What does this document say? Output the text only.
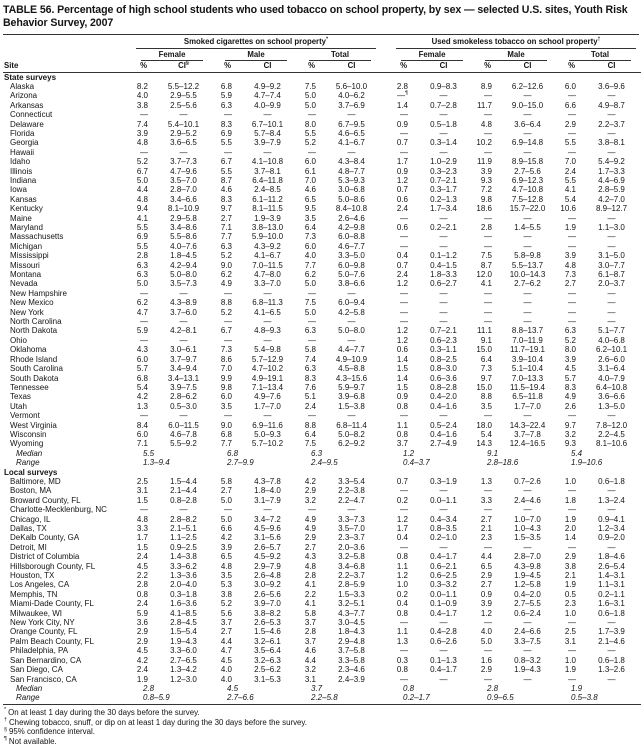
TABLE 56. Percentage of high school students who used tobacco on school property, by sex — selected U.S. sites, Youth Risk Behavior Survey, 2007

	Smoked cigarettes on school property*							Used smokeless tobacco on school property†

	Female		Male		Total			Female		Male		Total	

Site	%	CI§	%	CI	%	CI		%	CI	%	CI	%	CI
State surveys													
Alaska	8.2	5.5–12.2	6.8	4.9–9.2	7.5	5.6–10.0		2.8	0.9–8.3	8.9	6.2–12.6	6.0	3.6–9.6
Arizona	4.0	2.9–5.5	5.9	4.7–7.4	5.0	4.0–6.2		—¶	—	—	—	—	—
Arkansas	3.8	2.5–5.6	6.3	4.0–9.9	5.0	3.7–6.9		1.4	0.7–2.8	11.7	9.0–15.0	6.6	4.9–8.7
Connecticut	—	—	—	—	—	—		—	—	—	—	—	—
Delaware	7.4	5.4–10.1	8.3	6.7–10.1	8.0	6.7–9.5		0.9	0.5–1.8	4.8	3.6–6.4	2.9	2.2–3.7
Florida	3.9	2.9–5.2	6.9	5.7–8.4	5.5	4.6–6.5		—	—	—	—	—	—
Georgia	4.8	3.6–6.5	5.5	3.9–7.9	5.2	4.1–6.7		0.7	0.3–1.4	10.2	6.9–14.8	5.5	3.8–8.1
Hawaii	—	—	—	—	—	—		—	—	—	—	—	—
Idaho	5.2	3.7–7.3	6.7	4.1–10.8	6.0	4.3–8.4		1.7	1.0–2.9	11.9	8.9–15.8	7.0	5.4–9.2
Illinois	6.7	4.7–9.6	5.5	3.7–8.1	6.1	4.8–7.7		0.9	0.3–2.3	3.9	2.7–5.6	2.4	1.7–3.3
Indiana	5.0	3.5–7.0	8.7	6.4–11.8	7.0	5.3–9.3		1.2	0.7–2.1	9.3	6.9–12.3	5.5	4.4–6.9
Iowa	4.4	2.8–7.0	4.6	2.4–8.5	4.6	3.0–6.8		0.7	0.3–1.7	7.2	4.7–10.8	4.1	2.8–5.9
Kansas	4.8	3.4–6.6	8.3	6.1–11.2	6.5	5.0–8.6		0.6	0.2–1.3	9.8	7.5–12.8	5.4	4.2–7.0
Kentucky	9.4	8.1–10.9	9.7	8.1–11.5	9.5	8.4–10.8		2.4	1.7–3.4	18.6	15.7–22.0	10.6	8.9–12.7
Maine	4.1	2.9–5.8	2.7	1.9–3.9	3.5	2.6–4.6		—	—	—	—	—	—
Maryland	5.5	3.4–8.6	7.1	3.8–13.0	6.4	4.2–9.8		0.6	0.2–2.1	2.8	1.4–5.5	1.9	1.1–3.0
Massachusetts	6.9	5.5–8.6	7.7	5.9–10.0	7.3	6.0–8.8		—	—	—	—	—	—
Michigan	5.5	4.0–7.6	6.3	4.3–9.2	6.0	4.6–7.7		—	—	—	—	—	—
Mississippi	2.8	1.8–4.5	5.2	4.1–6.7	4.0	3.3–5.0		0.4	0.1–1.2	7.5	5.8–9.8	3.9	3.1–5.0
Missouri	6.3	4.2–9.4	9.0	7.0–11.5	7.7	6.0–9.8		0.7	0.4–1.5	8.7	5.5–13.7	4.8	3.0–7.7
Montana	6.3	5.0–8.0	6.2	4.7–8.0	6.2	5.0–7.6		2.4	1.8–3.3	12.0	10.0–14.3	7.3	6.1–8.7
Nevada	5.0	3.5–7.3	4.9	3.3–7.0	5.0	3.8–6.6		1.2	0.6–2.7	4.1	2.7–6.2	2.7	2.0–3.7
New Hampshire	—	—	—	—	—	—		—	—	—	—	—	—
New Mexico	6.2	4.3–8.9	8.8	6.8–11.3	7.5	6.0–9.4		—	—	—	—	—	—
New York	4.7	3.7–6.0	5.2	4.1–6.5	5.0	4.2–5.8		—	—	—	—	—	—
North Carolina	—	—	—	—	—	—		—	—	—	—	—	—
North Dakota	5.9	4.2–8.1	6.7	4.8–9.3	6.3	5.0–8.0		1.2	0.7–2.1	11.1	8.8–13.7	6.3	5.1–7.7
Ohio	—	—	—	—	—	—		1.2	0.6–2.3	9.1	7.0–11.9	5.2	4.0–6.8
Oklahoma	4.3	3.0–6.1	7.3	5.4–9.8	5.8	4.4–7.7		0.6	0.3–1.1	15.0	11.7–19.1	8.0	6.2–10.1
Rhode Island	6.0	3.7–9.7	8.6	5.7–12.9	7.4	4.9–10.9		1.4	0.8–2.5	6.4	3.9–10.4	3.9	2.6–6.0
South Carolina	5.7	3.4–9.4	7.0	4.7–10.2	6.3	4.5–8.8		1.5	0.8–3.0	7.3	5.1–10.4	4.5	3.1–6.4
South Dakota	6.8	3.4–13.1	9.9	4.9–19.1	8.3	4.3–15.6		1.4	0.6–3.6	9.7	7.0–13.3	5.7	4.0–7.9
Tennessee	5.4	3.9–7.5	9.8	7.1–13.4	7.6	5.9–9.7		1.5	0.8–2.8	15.0	11.5–19.4	8.3	6.4–10.8
Texas	4.2	2.8–6.2	6.0	4.9–7.6	5.1	3.9–6.8		0.9	0.4–2.0	8.8	6.5–11.8	4.9	3.6–6.6
Utah	1.3	0.5–3.0	3.5	1.7–7.0	2.4	1.5–3.8		0.8	0.4–1.6	3.5	1.7–7.0	2.6	1.3–5.0
Vermont	—	—	—	—	—	—		—	—	—	—	—	—
West Virginia	8.4	6.0–11.5	9.0	6.9–11.6	8.8	6.8–11.4		1.1	0.5–2.4	18.0	14.3–22.4	9.7	7.8–12.0
Wisconsin	6.0	4.6–7.8	6.8	5.0–9.3	6.4	5.0–8.2		0.8	0.4–1.6	5.4	3.7–7.8	3.2	2.2–4.5
Wyoming	7.1	5.5–9.2	7.7	5.7–10.2	7.5	6.2–9.2		3.7	2.7–4.9	14.3	12.4–16.5	9.3	8.1–10.6
Median	5.5		6.8		6.3			1.2		9.1		5.4	
Range	1.3–9.4		2.7–9.9		2.4–9.5			0.4–3.7		2.8–18.6		1.9–10.6	
Local surveys													
Baltimore, MD	2.5	1.5–4.4	5.8	4.3–7.8	4.2	3.3–5.4		0.7	0.3–1.9	1.3	0.7–2.6	1.0	0.6–1.8
Boston, MA	3.1	2.1–4.4	2.7	1.8–4.0	2.9	2.2–3.8		—	—	—	—	—	—
Broward County, FL	1.5	0.8–2.8	5.0	3.1–7.9	3.2	2.2–4.7		0.2	0.0–1.1	3.3	2.4–4.6	1.8	1.3–2.4
Charlotte-Mecklenburg, NC	—	—	—	—	—	—		—	—	—	—	—	—
Chicago, IL	4.8	2.8–8.2	5.0	3.4–7.2	4.9	3.3–7.3		1.2	0.4–3.4	2.7	1.0–7.0	1.9	0.9–4.1
Dallas, TX	3.3	2.1–5.1	6.6	4.5–9.6	4.9	3.5–7.0		1.7	0.8–3.5	2.1	1.0–4.3	2.0	1.2–3.4
DeKalb County, GA	1.7	1.1–2.5	4.2	3.1–5.6	2.9	2.3–3.7		0.4	0.2–1.0	2.3	1.5–3.5	1.4	0.9–2.0
Detroit, MI	1.5	0.9–2.5	3.9	2.6–5.7	2.7	2.0–3.6		—	—	—	—	—	—
District of Columbia	2.4	1.4–3.8	6.5	4.5–9.2	4.3	3.2–5.8		0.8	0.4–1.7	4.4	2.8–7.0	2.9	1.8–4.6
Hillsborough County, FL	4.5	3.3–6.2	4.8	2.9–7.9	4.8	3.4–6.8		1.1	0.6–2.1	6.5	4.3–9.8	3.8	2.6–5.4
Houston, TX	2.2	1.3–3.6	3.5	2.6–4.8	2.8	2.2–3.7		1.2	0.6–2.5	2.9	1.9–4.5	2.1	1.4–3.1
Los Angeles, CA	2.8	2.0–4.0	5.3	3.0–9.2	4.1	2.8–5.9		1.0	0.3–3.2	2.7	1.2–5.8	1.9	1.1–3.1
Memphis, TN	0.8	0.3–1.8	3.8	2.6–5.6	2.2	1.5–3.3		0.2	0.0–1.1	0.9	0.4–2.0	0.5	0.2–1.1
Miami-Dade County, FL	2.4	1.6–3.6	5.2	3.9–7.0	4.1	3.2–5.1		0.4	0.1–0.9	3.9	2.7–5.5	2.3	1.6–3.1
Milwaukee, WI	5.9	4.1–8.5	5.6	3.8–8.2	5.8	4.3–7.7		0.8	0.4–1.7	1.2	0.6–2.4	1.0	0.6–1.8
New York City, NY	3.6	2.8–4.5	3.7	2.6–5.3	3.7	3.0–4.5		—	—	—	—	—	—
Orange County, FL	2.9	1.5–5.4	2.7	1.5–4.6	2.8	1.8–4.3		1.1	0.4–2.8	4.0	2.4–6.6	2.5	1.7–3.9
Palm Beach County, FL	2.9	1.9–4.3	4.4	3.2–6.1	3.7	2.9–4.8		1.3	0.6–2.6	5.0	3.3–7.5	3.1	2.1–4.6
Philadelphia, PA	4.5	3.3–6.0	4.7	3.5–6.4	4.6	3.7–5.8		—	—	—	—	—	—
San Bernardino, CA	4.2	2.7–6.5	4.5	3.2–6.3	4.4	3.3–5.8		0.3	0.1–1.3	1.6	0.8–3.2	1.0	0.6–1.8
San Diego, CA	2.4	1.3–4.2	4.0	2.5–6.2	3.2	2.3–4.6		0.8	0.4–1.7	2.9	1.9–4.3	1.9	1.3–2.6
San Francisco, CA	1.9	1.2–3.0	4.0	3.1–5.3	3.1	2.4–3.9		—	—	—	—	—	—
Median	2.8		4.5		3.7			0.8		2.8		1.9	
Range	0.8–5.9		2.7–6.6		2.2–5.8			0.2–1.7		0.9–6.5		0.5–3.8	
* On at least 1 day during the 30 days before the survey.
† Chewing tobacco, snuff, or dip on at least 1 day during the 30 days before the survey.
§ 95% confidence interval.
¶ Not available.
